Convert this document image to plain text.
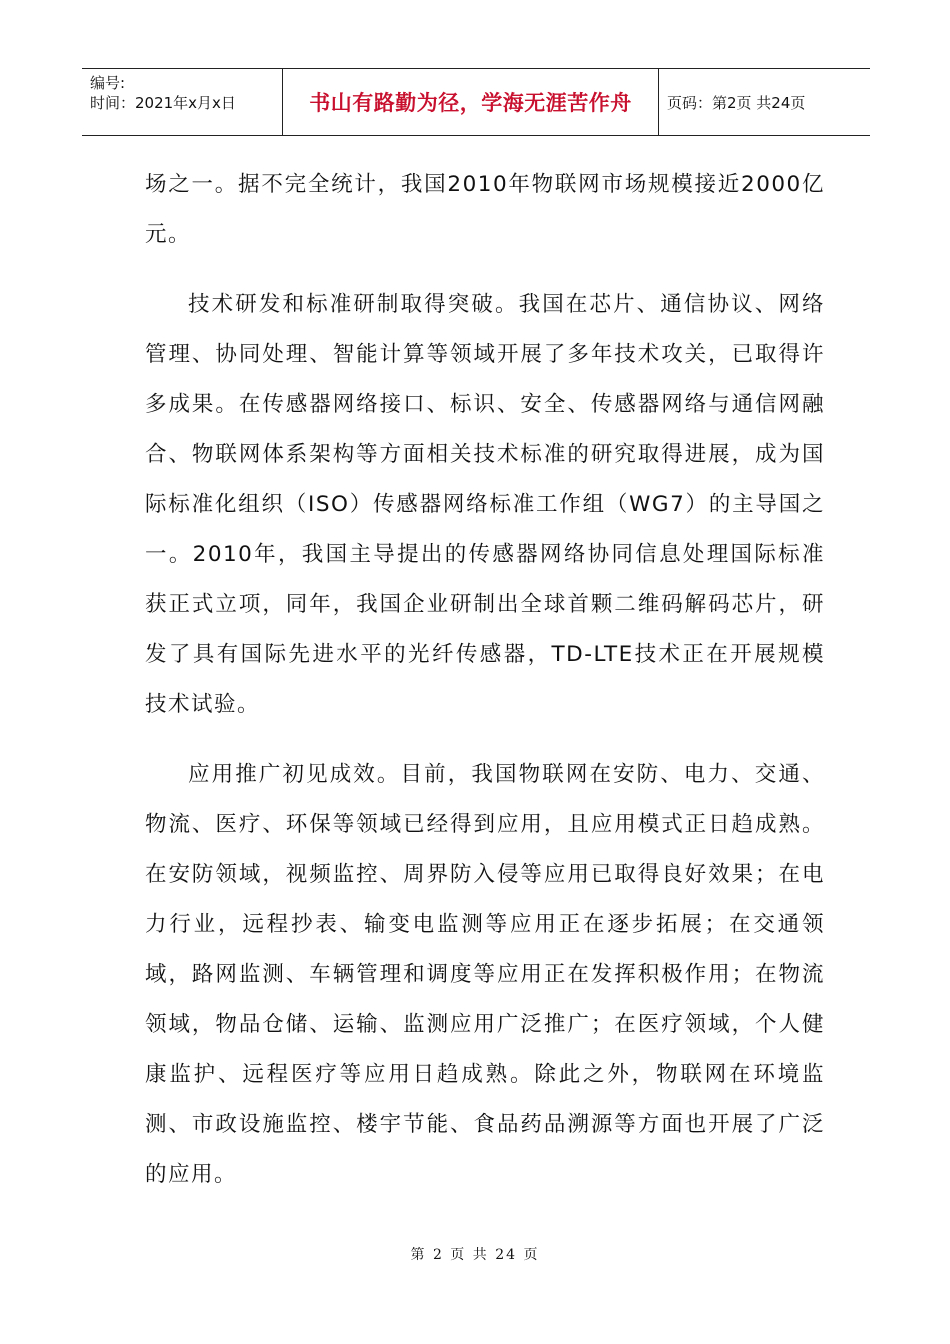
编号:
时间：2021年x月x日	书山有路勤为径，学海无涯苦作舟	页码：第2页 共24页

场之一。据不完全统计，我国2010年物联网市场规模接近2000亿元。

技术研发和标准研制取得突破。我国在芯片、通信协议、网络管理、协同处理、智能计算等领域开展了多年技术攻关，已取得许多成果。在传感器网络接口、标识、安全、传感器网络与通信网融合、物联网体系架构等方面相关技术标准的研究取得进展，成为国际标准化组织（ISO）传感器网络标准工作组（WG7）的主导国之一。2010年，我国主导提出的传感器网络协同信息处理国际标准获正式立项，同年，我国企业研制出全球首颗二维码解码芯片，研发了具有国际先进水平的光纤传感器，TD-LTE技术正在开展规模技术试验。

应用推广初见成效。目前，我国物联网在安防、电力、交通、物流、医疗、环保等领域已经得到应用，且应用模式正日趋成熟。在安防领域，视频监控、周界防入侵等应用已取得良好效果；在电力行业，远程抄表、输变电监测等应用正在逐步拓展；在交通领域，路网监测、车辆管理和调度等应用正在发挥积极作用；在物流领域，物品仓储、运输、监测应用广泛推广；在医疗领域，个人健康监护、远程医疗等应用日趋成熟。除此之外，物联网在环境监测、市政设施监控、楼宇节能、食品药品溯源等方面也开展了广泛的应用。

第 2 页 共 24 页
